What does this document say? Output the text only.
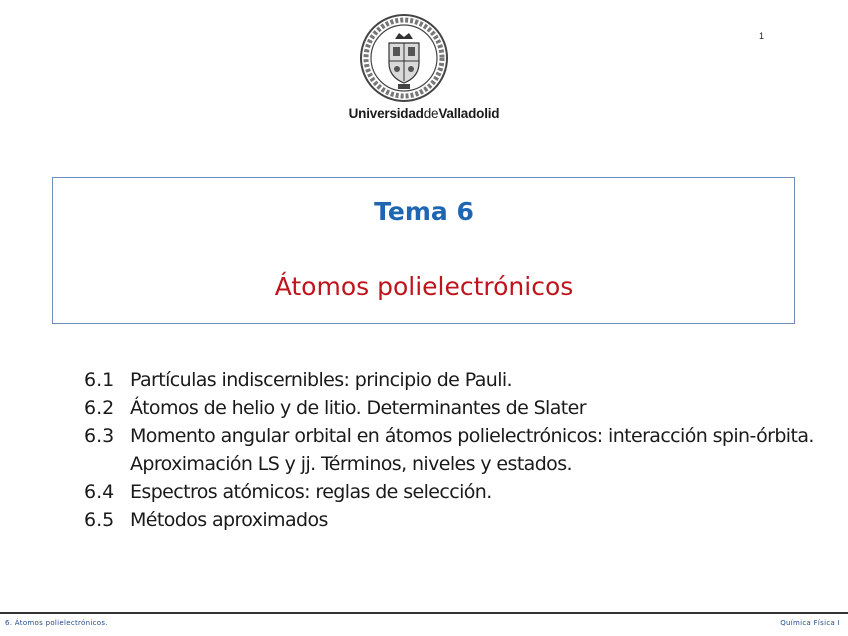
UniversidaddeValladolid
1
Tema 6
Átomos polielectrónicos
6.1 Partículas indiscernibles: principio de Pauli.
6.2 Átomos de helio y de litio. Determinantes de Slater
6.3 Momento angular orbital en átomos polielectrónicos: interacción spin-órbita. Aproximación LS y jj. Términos, niveles y estados.
6.4 Espectros atómicos: reglas de selección.
6.5 Métodos aproximados
6. Átomos polielectrónicos.	Química Física I
